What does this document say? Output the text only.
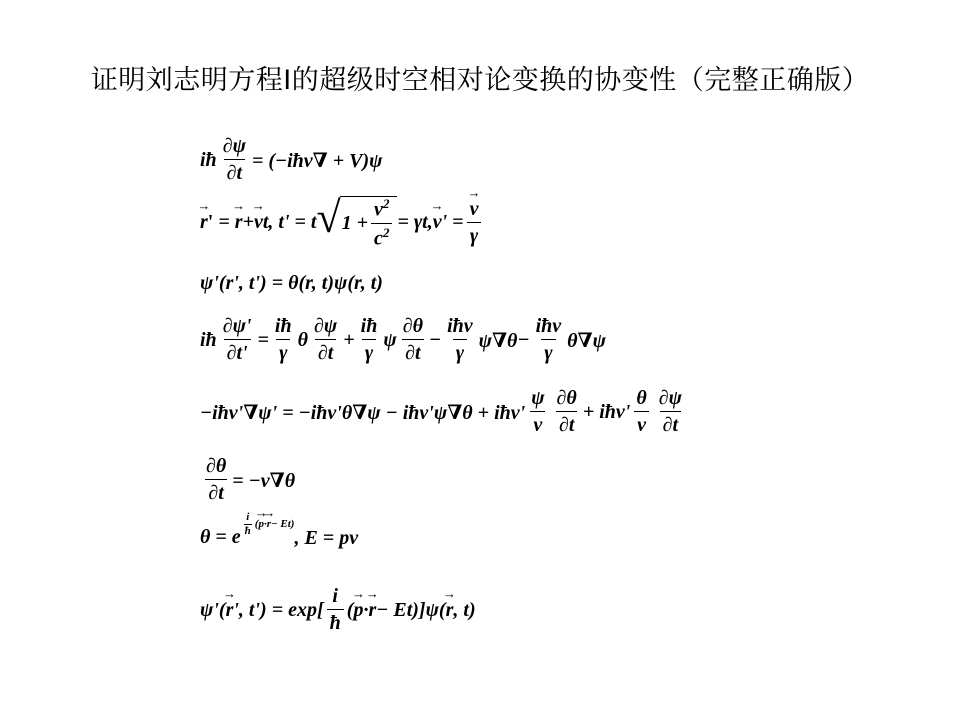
证明刘志明方程Ⅰ的超级时空相对论变换的协变性（完整正确版）
iħ $\frac{\partial\psi}{\partial t}$ = (−iħv∇ + V)ψ
→ r ' = → r + → v t, t' = t √ $1 + \frac{v^2}{c^2} = \gamma t$, → v ' = → $\frac{v}{\gamma}$
ψ'(r', t') = θ(r, t)ψ(r, t)
iħ $\frac{\partial\psi'}{\partial t'} = \frac{iħ}{\gamma}$ θ $\frac{\partial\psi}{\partial t} + \frac{iħ}{\gamma}$ ψ $\frac{\partial\theta}{\partial t} - \frac{\text{iħv}}{\gamma} \psi\nabla\theta - \frac{\text{iħv}}{\gamma} \theta\nabla\psi$
−iħv'∇ψ' = −iħv'θ∇ψ − iħv'ψ∇θ + iħv' $\frac{\psi}{v} \frac{\partial\theta}{\partial t}$ + iħv' $\frac{\theta}{v} \frac{\partial\psi}{\partial t}$
$\frac{\partial\theta}{\partial t} = -v\nabla\theta$
θ = e
$\frac{i}{ħ}$ ( → p · → r − Et)
, E = pv
ψ'( → r ', $t') = \exp[ \frac{i}{ħ}$ ( → p · → r − Et)]ψ( → r , t)
